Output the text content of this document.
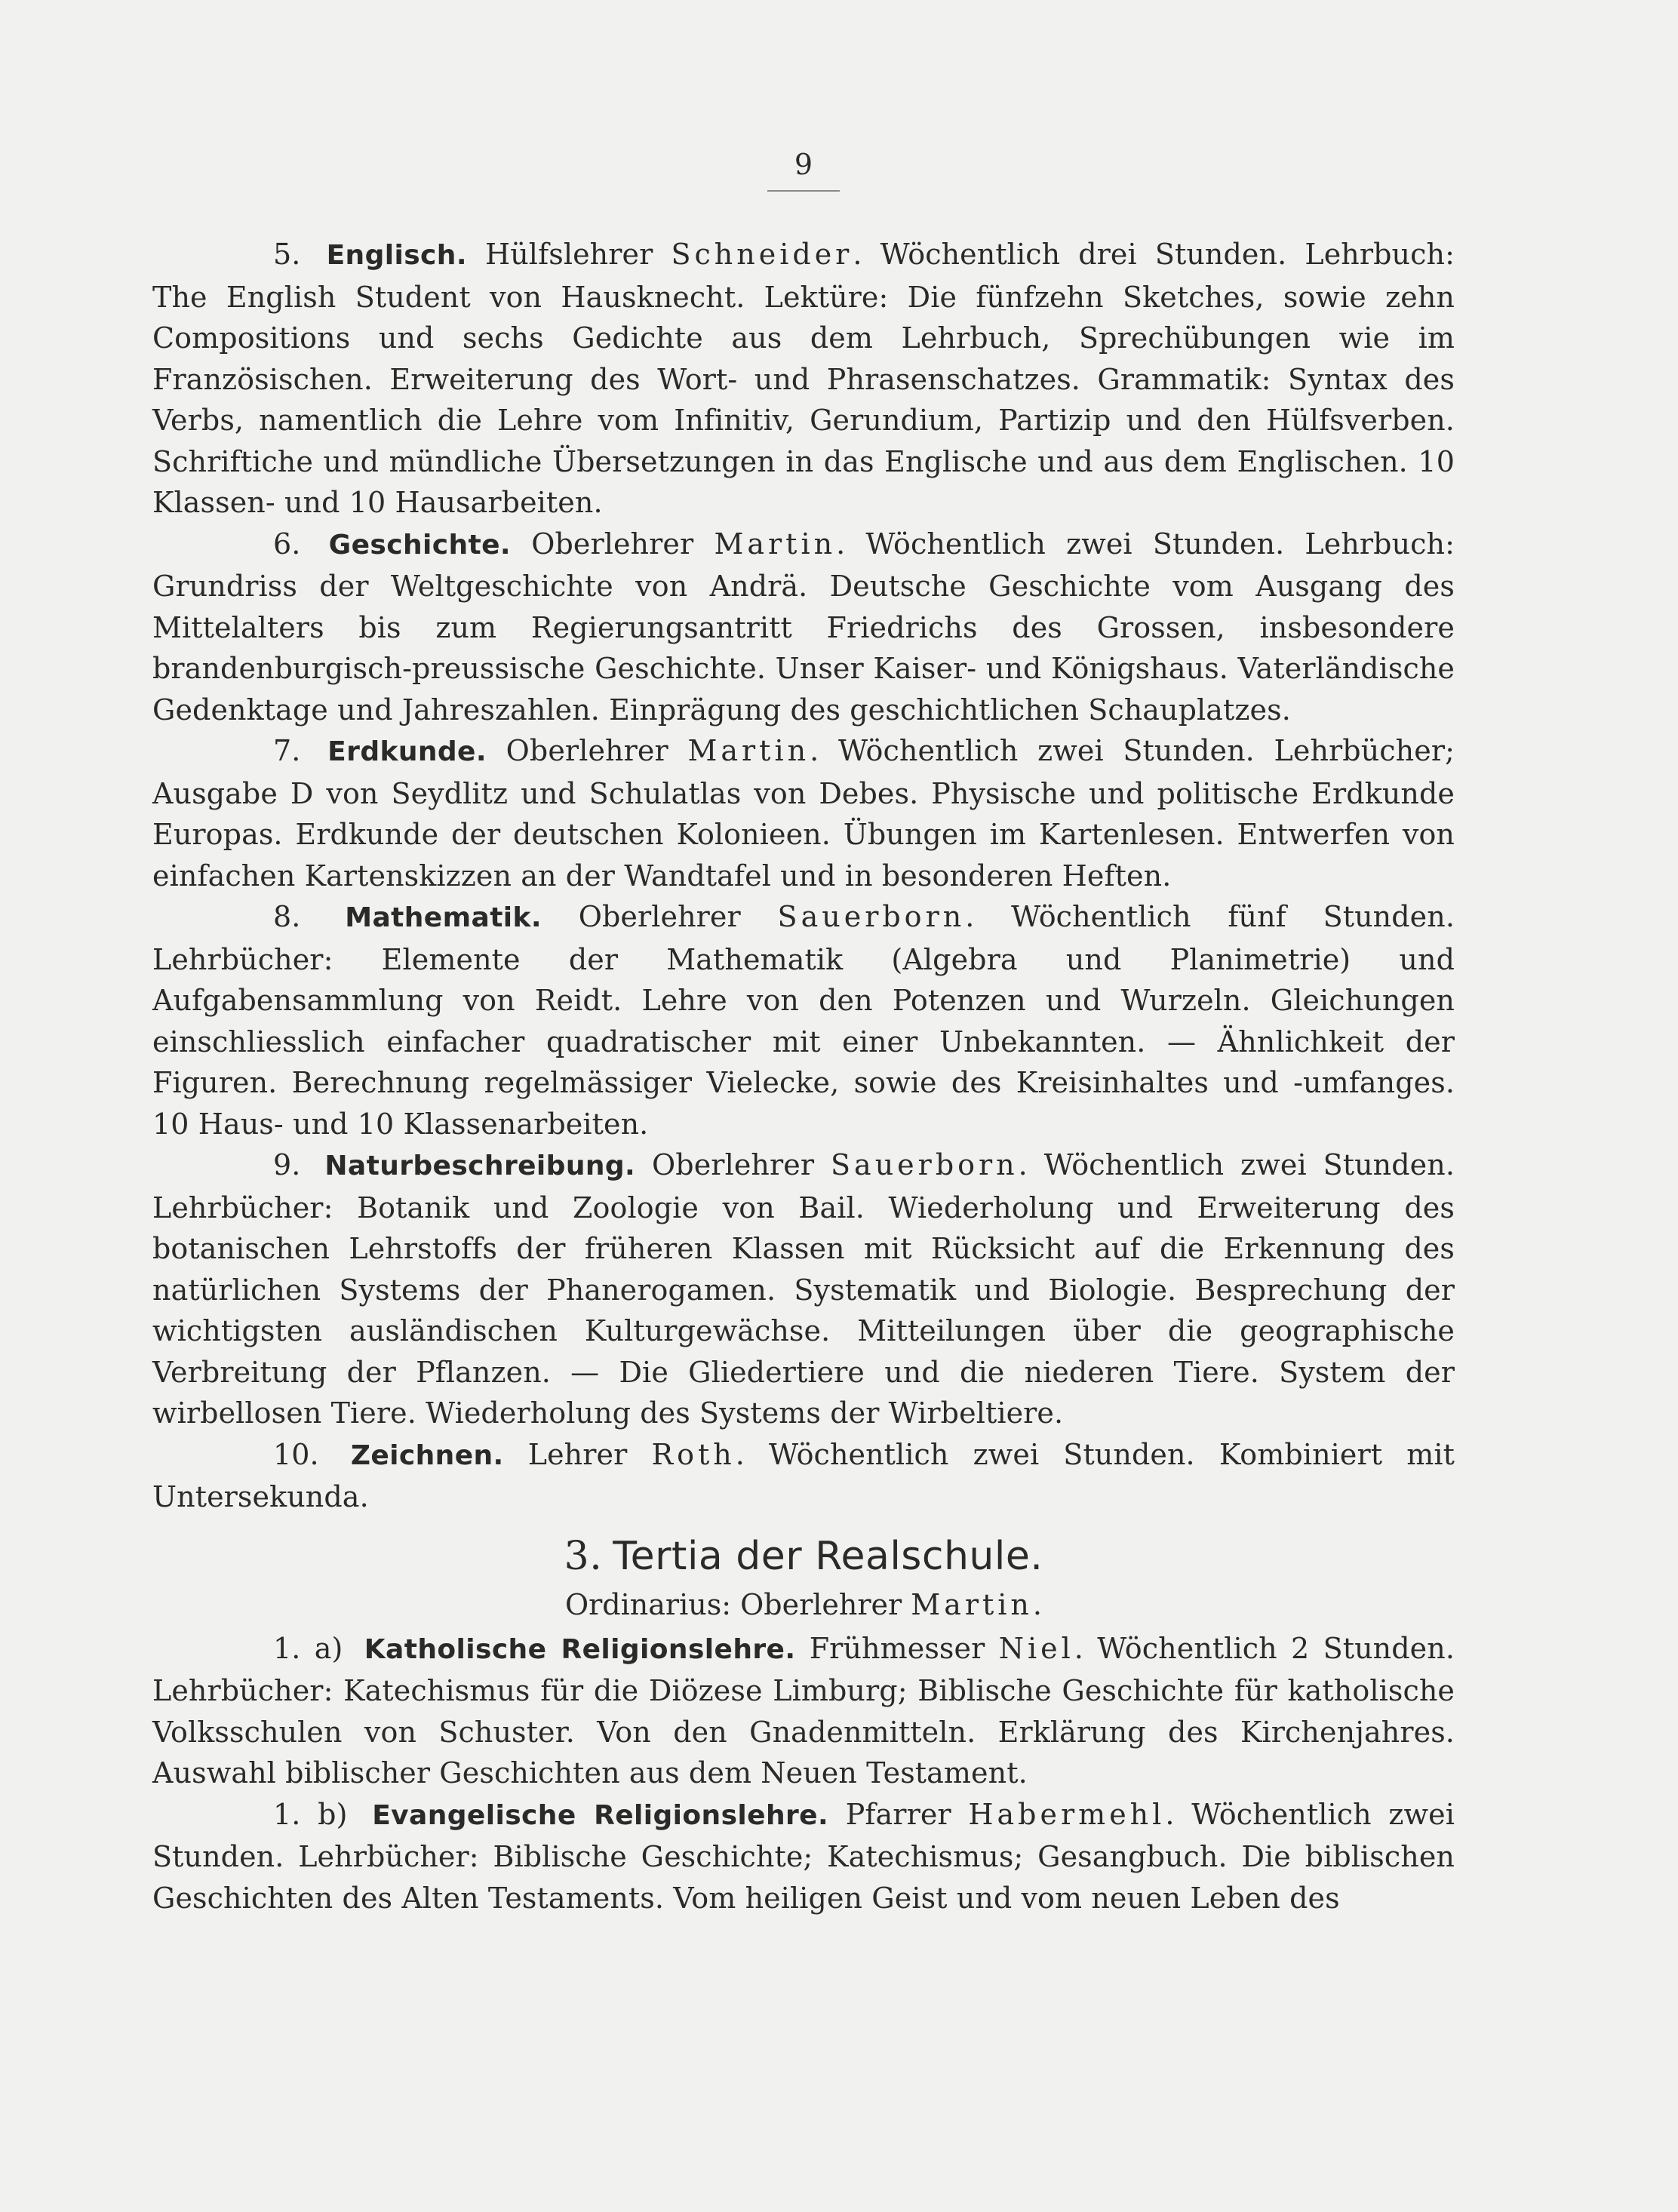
9

5. Englisch. Hülfslehrer Schneider. Wöchentlich drei Stunden. Lehrbuch: The English Student von Hausknecht. Lektüre: Die fünfzehn Sketches, sowie zehn Compositions und sechs Gedichte aus dem Lehrbuch, Sprechübungen wie im Französischen. Erweiterung des Wort- und Phrasenschatzes. Grammatik: Syntax des Verbs, namentlich die Lehre vom Infinitiv, Gerundium, Partizip und den Hülfsverben. Schriftiche und mündliche Übersetzungen in das Englische und aus dem Englischen. 10 Klassen- und 10 Hausarbeiten.

6. Geschichte. Oberlehrer Martin. Wöchentlich zwei Stunden. Lehrbuch: Grundriss der Weltgeschichte von Andrä. Deutsche Geschichte vom Ausgang des Mittelalters bis zum Regierungsantritt Friedrichs des Grossen, insbesondere brandenburgisch-preussische Geschichte. Unser Kaiser- und Königshaus. Vaterländische Gedenktage und Jahreszahlen. Einprägung des geschichtlichen Schauplatzes.

7. Erdkunde. Oberlehrer Martin. Wöchentlich zwei Stunden. Lehrbücher; Ausgabe D von Seydlitz und Schulatlas von Debes. Physische und politische Erdkunde Europas. Erdkunde der deutschen Kolonieen. Übungen im Kartenlesen. Entwerfen von einfachen Kartenskizzen an der Wandtafel und in besonderen Heften.

8. Mathematik. Oberlehrer Sauerborn. Wöchentlich fünf Stunden. Lehrbücher: Elemente der Mathematik (Algebra und Planimetrie) und Aufgabensammlung von Reidt. Lehre von den Potenzen und Wurzeln. Gleichungen einschliesslich einfacher quadratischer mit einer Unbekannten. — Ähnlichkeit der Figuren. Berechnung regelmässiger Vielecke, sowie des Kreisinhaltes und -umfanges. 10 Haus- und 10 Klassenarbeiten.

9. Naturbeschreibung. Oberlehrer Sauerborn. Wöchentlich zwei Stunden. Lehrbücher: Botanik und Zoologie von Bail. Wiederholung und Erweiterung des botanischen Lehrstoffs der früheren Klassen mit Rücksicht auf die Erkennung des natürlichen Systems der Phanerogamen. Systematik und Biologie. Besprechung der wichtigsten ausländischen Kulturgewächse. Mitteilungen über die geographische Verbreitung der Pflanzen. — Die Gliedertiere und die niederen Tiere. System der wirbellosen Tiere. Wiederholung des Systems der Wirbeltiere.

10. Zeichnen. Lehrer Roth. Wöchentlich zwei Stunden. Kombiniert mit Untersekunda.

3. Tertia der Realschule.
Ordinarius: Oberlehrer Martin.

1. a) Katholische Religionslehre. Frühmesser Niel. Wöchentlich 2 Stunden. Lehrbücher: Katechismus für die Diözese Limburg; Biblische Geschichte für katholische Volksschulen von Schuster. Von den Gnadenmitteln. Erklärung des Kirchenjahres. Auswahl biblischer Geschichten aus dem Neuen Testament.

1. b) Evangelische Religionslehre. Pfarrer Habermehl. Wöchentlich zwei Stunden. Lehrbücher: Biblische Geschichte; Katechismus; Gesangbuch. Die biblischen Geschichten des Alten Testaments. Vom heiligen Geist und vom neuen Leben des
